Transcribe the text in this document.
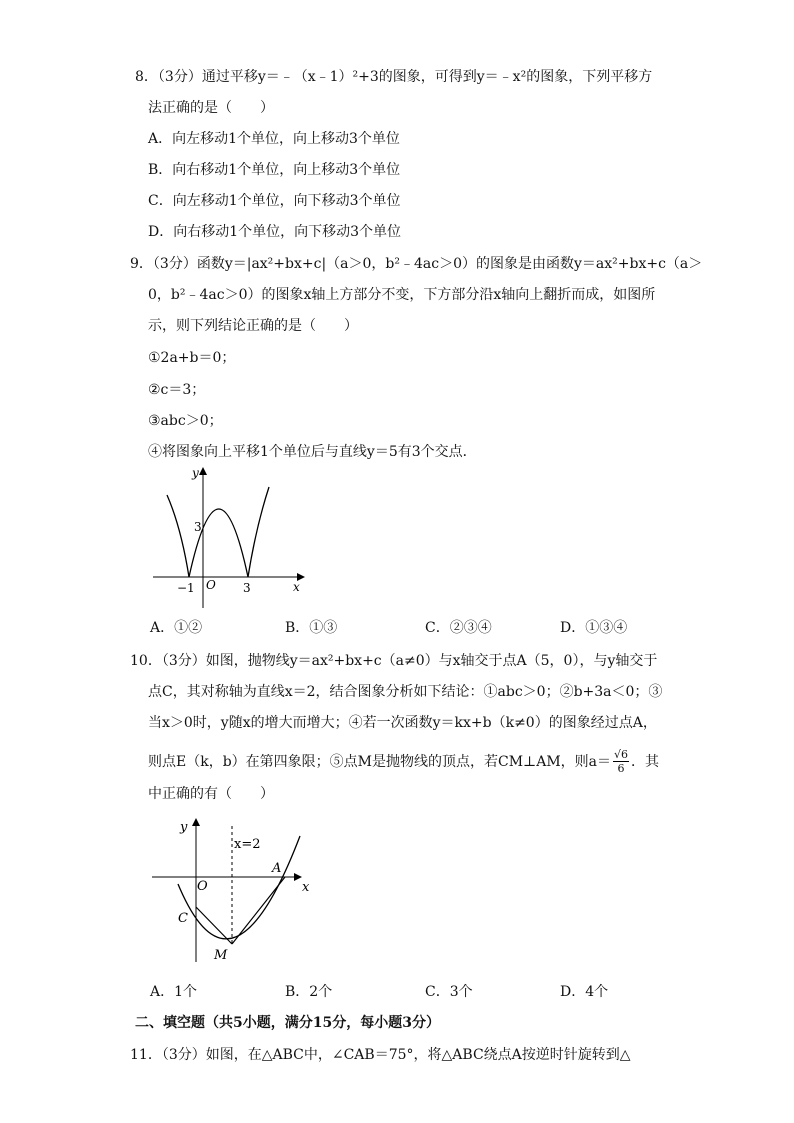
8．（3分）通过平移y＝﹣（x﹣1）²+3的图象，可得到y＝﹣x²的图象，下列平移方
法正确的是（　　）
A．向左移动1个单位，向上移动3个单位
B．向右移动1个单位，向上移动3个单位
C．向左移动1个单位，向下移动3个单位
D．向右移动1个单位，向下移动3个单位
9．（3分）函数y＝|ax²+bx+c|（a＞0，b²﹣4ac＞0）的图象是由函数y＝ax²+bx+c（a＞
0，b²﹣4ac＞0）的图象x轴上方部分不变，下方部分沿x轴向上翻折而成，如图所
示，则下列结论正确的是（　　）
①2a+b＝0；
②c＝3；
③abc＞0；
④将图象向上平移1个单位后与直线y＝5有3个交点．
y
x
O
3
−1	3
A．①②	B．①③	C．②③④	D．①③④
10．（3分）如图，抛物线y＝ax²+bx+c（a≠0）与x轴交于点A（5，0），与y轴交于
点C，其对称轴为直线x＝2，结合图象分析如下结论：①abc＞0；②b+3a＜0；③
当x＞0时，y随x的增大而增大；④若一次函数y＝kx+b（k≠0）的图象经过点A，
则点E（k，b）在第四象限；⑤点M是抛物线的顶点，若CM⊥AM，则$a= \frac{√6}{6}$ ．其
中正确的有（　　）
y
x
O
x=2
A
C
M
A．1个	B．2个	C．3个	D．4个
二、填空题（共5小题，满分15分，每小题3分）
11．（3分）如图，在△ABC中，∠CAB＝75°，将△ABC绕点A按逆时针旋转到△
